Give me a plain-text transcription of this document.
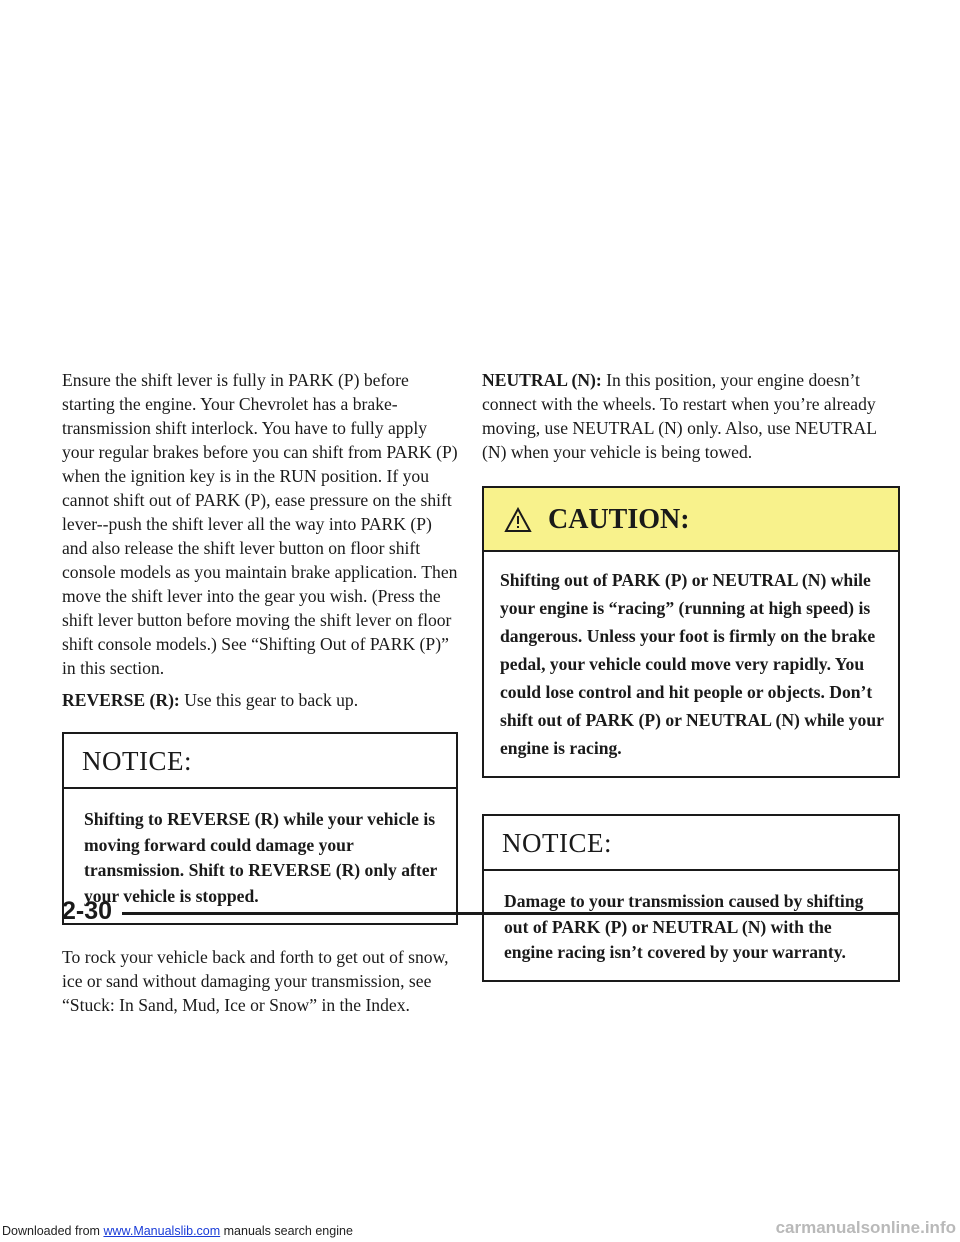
Ensure the shift lever is fully in PARK (P) before starting the engine. Your Chevrolet has a brake-transmission shift interlock. You have to fully apply your regular brakes before you can shift from PARK (P) when the ignition key is in the RUN position. If you cannot shift out of PARK (P), ease pressure on the shift lever--push the shift lever all the way into PARK (P) and also release the shift lever button on floor shift console models as you maintain brake application. Then move the shift lever into the gear you wish. (Press the shift lever button before moving the shift lever on floor shift console models.) See “Shifting Out of PARK (P)” in this section.

REVERSE (R): Use this gear to back up.

NOTICE:
Shifting to REVERSE (R) while your vehicle is moving forward could damage your transmission. Shift to REVERSE (R) only after your vehicle is stopped.

To rock your vehicle back and forth to get out of snow, ice or sand without damaging your transmission, see “Stuck: In Sand, Mud, Ice or Snow” in the Index.

NEUTRAL (N): In this position, your engine doesn’t connect with the wheels. To restart when you’re already moving, use NEUTRAL (N) only. Also, use NEUTRAL (N) when your vehicle is being towed.

CAUTION:
Shifting out of PARK (P) or NEUTRAL (N) while your engine is “racing” (running at high speed) is dangerous. Unless your foot is firmly on the brake pedal, your vehicle could move very rapidly. You could lose control and hit people or objects. Don’t shift out of PARK (P) or NEUTRAL (N) while your engine is racing.
NOTICE:
Damage to your transmission caused by shifting out of PARK (P) or NEUTRAL (N) with the engine racing isn’t covered by your warranty.
2-30
Downloaded from www.Manualslib.com manuals search engine	carmanualsonline.info
